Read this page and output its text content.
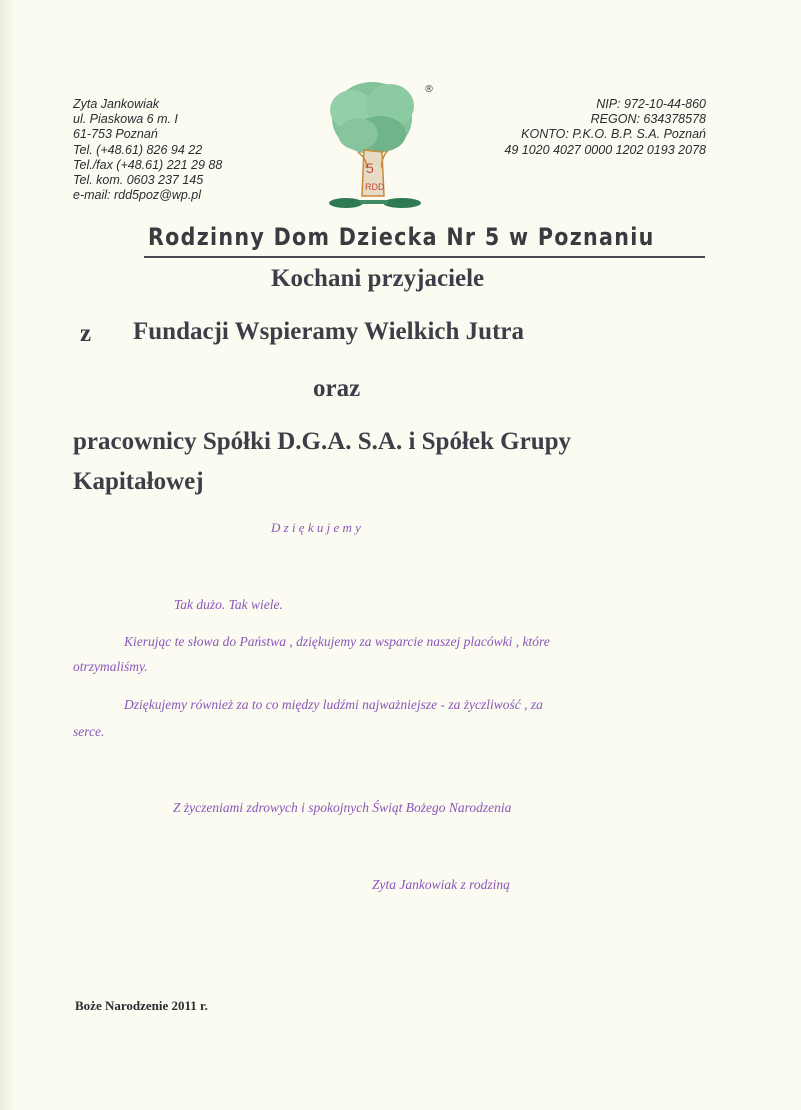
Zyta Jankowiak
ul. Piaskowa 6 m. I
61-753 Poznań
Tel. (+48.61) 826 94 22
Tel./fax (+48.61) 221 29 88
Tel. kom. 0603 237 145
e-mail: rdd5poz@wp.pl
NIP: 972-10-44-860
REGON: 634378578
KONTO: P.K.O. B.P. S.A. Poznań
49 1020 4027 0000 1202 0193 2078
5
RDD
®
Rodzinny Dom Dziecka Nr 5 w Poznaniu
Kochani przyjaciele
z Fundacji Wspieramy Wielkich Jutra
oraz
pracownicy Spółki D.G.A. S.A. i Spółek Grupy
Kapitałowej
D z i ę k u j e m y
Tak dużo. Tak wiele.
Kierując te słowa do Państwa , dziękujemy za wsparcie naszej placówki , które
otrzymaliśmy.
Dziękujemy również za to co między ludźmi najważniejsze - za życzliwość , za
serce.
Z życzeniami zdrowych i spokojnych Świąt Bożego Narodzenia
Zyta Jankowiak z rodziną
Boże Narodzenie 2011 r.
